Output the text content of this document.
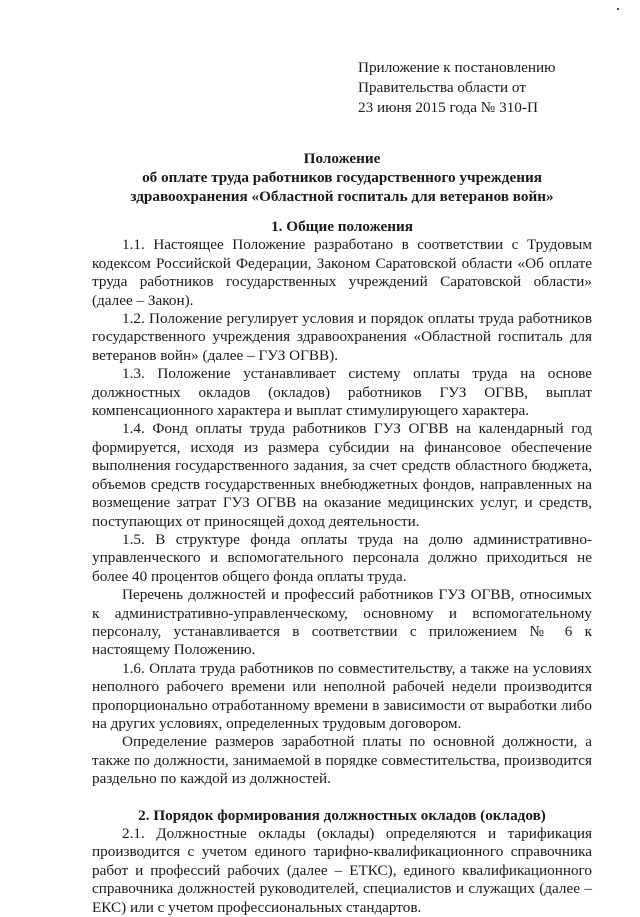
Приложение к постановлению
Правительства области от
23 июня 2015 года № 310-П
Положение
об оплате труда работников государственного учреждения
здравоохранения «Областной госпиталь для ветеранов войн»
1. Общие положения

1.1. Настоящее Положение разработано в соответствии с Трудовым кодексом Российской Федерации, Законом Саратовской области «Об оплате труда работников государственных учреждений Саратовской области» (далее – Закон).

1.2. Положение регулирует условия и порядок оплаты труда работников государственного учреждения здравоохранения «Областной госпиталь для ветеранов войн» (далее – ГУЗ ОГВВ).

1.3. Положение устанавливает систему оплаты труда на основе должностных окладов (окладов) работников ГУЗ ОГВВ, выплат компенсационного характера и выплат стимулирующего характера.

1.4. Фонд оплаты труда работников ГУЗ ОГВВ на календарный год формируется, исходя из размера субсидии на финансовое обеспечение выполнения государственного задания, за счет средств областного бюджета, объемов средств государственных внебюджетных фондов, направленных на возмещение затрат ГУЗ ОГВВ на оказание медицинских услуг, и средств, поступающих от приносящей доход деятельности.

1.5. В структуре фонда оплаты труда на долю административно-управленческого и вспомогательного персонала должно приходиться не более 40 процентов общего фонда оплаты труда.

Перечень должностей и профессий работников ГУЗ ОГВВ, относимых к административно-управленческому, основному и вспомогательному персоналу, устанавливается в соответствии с приложением № 6 к настоящему Положению.

1.6. Оплата труда работников по совместительству, а также на условиях неполного рабочего времени или неполной рабочей недели производится пропорционально отработанному времени в зависимости от выработки либо на других условиях, определенных трудовым договором.

Определение размеров заработной платы по основной должности, а также по должности, занимаемой в порядке совместительства, производится раздельно по каждой из должностей.

2. Порядок формирования должностных окладов (окладов)

2.1. Должностные оклады (оклады) определяются и тарификация производится с учетом единого тарифно-квалификационного справочника работ и профессий рабочих (далее – ЕТКС), единого квалификационного справочника должностей руководителей, специалистов и служащих (далее – ЕКС) или с учетом профессиональных стандартов.
